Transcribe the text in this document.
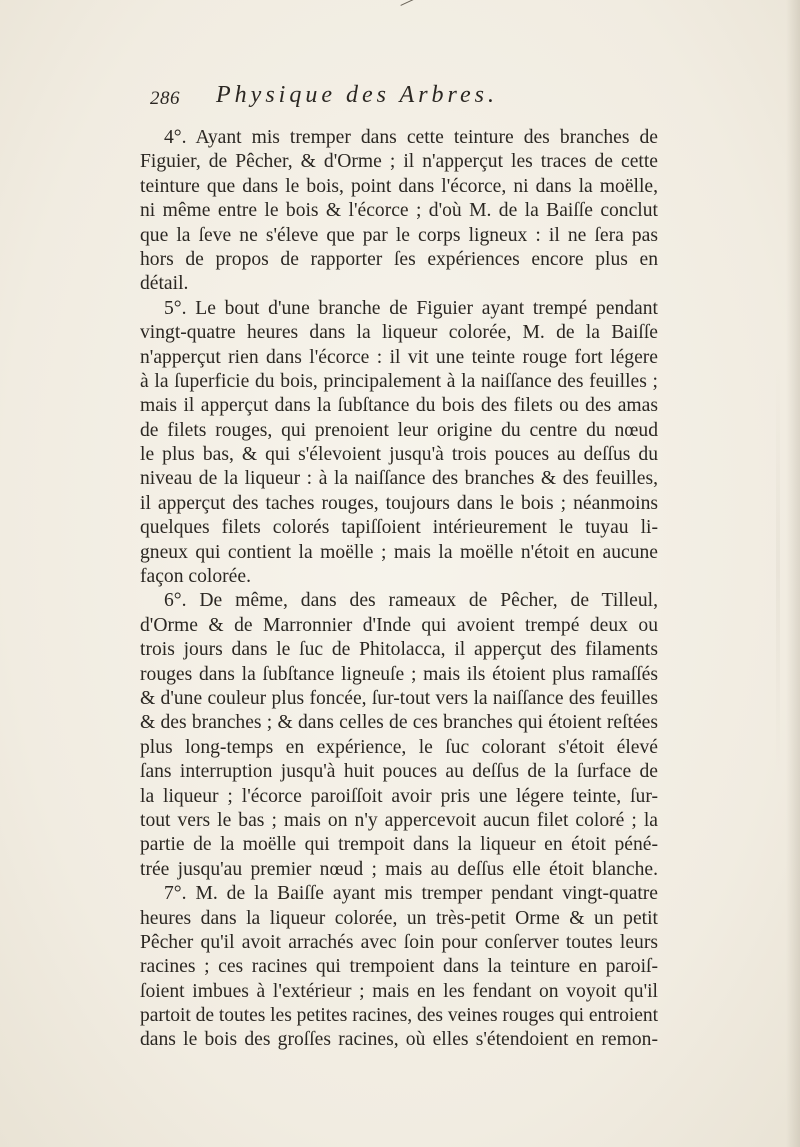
286 Physique des Arbres.
4°. Ayant mis tremper dans cette teinture des branches de
Figuier, de Pêcher, & d'Orme ; il n'apperçut les traces de cette
teinture que dans le bois, point dans l'écorce, ni dans la moëlle,
ni même entre le bois & l'écorce ; d'où M. de la Baiſſe conclut
que la ſeve ne s'éleve que par le corps ligneux : il ne ſera pas
hors de propos de rapporter ſes expériences encore plus en
détail.
5°. Le bout d'une branche de Figuier ayant trempé pendant
vingt-quatre heures dans la liqueur colorée, M. de la Baiſſe
n'apperçut rien dans l'écorce : il vit une teinte rouge fort légere
à la ſuperficie du bois, principalement à la naiſſance des feuilles ;
mais il apperçut dans la ſubſtance du bois des filets ou des amas
de filets rouges, qui prenoient leur origine du centre du nœud
le plus bas, & qui s'élevoient jusqu'à trois pouces au deſſus du
niveau de la liqueur : à la naiſſance des branches & des feuilles,
il apperçut des taches rouges, toujours dans le bois ; néanmoins
quelques filets colorés tapiſſoient intérieurement le tuyau li-
gneux qui contient la moëlle ; mais la moëlle n'étoit en aucune
façon colorée.
6°. De même, dans des rameaux de Pêcher, de Tilleul,
d'Orme & de Marronnier d'Inde qui avoient trempé deux ou
trois jours dans le ſuc de Phitolacca, il apperçut des filaments
rouges dans la ſubſtance ligneuſe ; mais ils étoient plus ramaſſés
& d'une couleur plus foncée, ſur-tout vers la naiſſance des feuilles
& des branches ; & dans celles de ces branches qui étoient reſtées
plus long-temps en expérience, le ſuc colorant s'étoit élevé
ſans interruption jusqu'à huit pouces au deſſus de la ſurface de
la liqueur ; l'écorce paroiſſoit avoir pris une légere teinte, ſur-
tout vers le bas ; mais on n'y appercevoit aucun filet coloré ; la
partie de la moëlle qui trempoit dans la liqueur en étoit péné-
trée jusqu'au premier nœud ; mais au deſſus elle étoit blanche.
7°. M. de la Baiſſe ayant mis tremper pendant vingt-quatre
heures dans la liqueur colorée, un très-petit Orme & un petit
Pêcher qu'il avoit arrachés avec ſoin pour conſerver toutes leurs
racines ; ces racines qui trempoient dans la teinture en paroiſ-
ſoient imbues à l'extérieur ; mais en les fendant on voyoit qu'il
partoit de toutes les petites racines, des veines rouges qui entroient
dans le bois des groſſes racines, où elles s'étendoient en remon-
